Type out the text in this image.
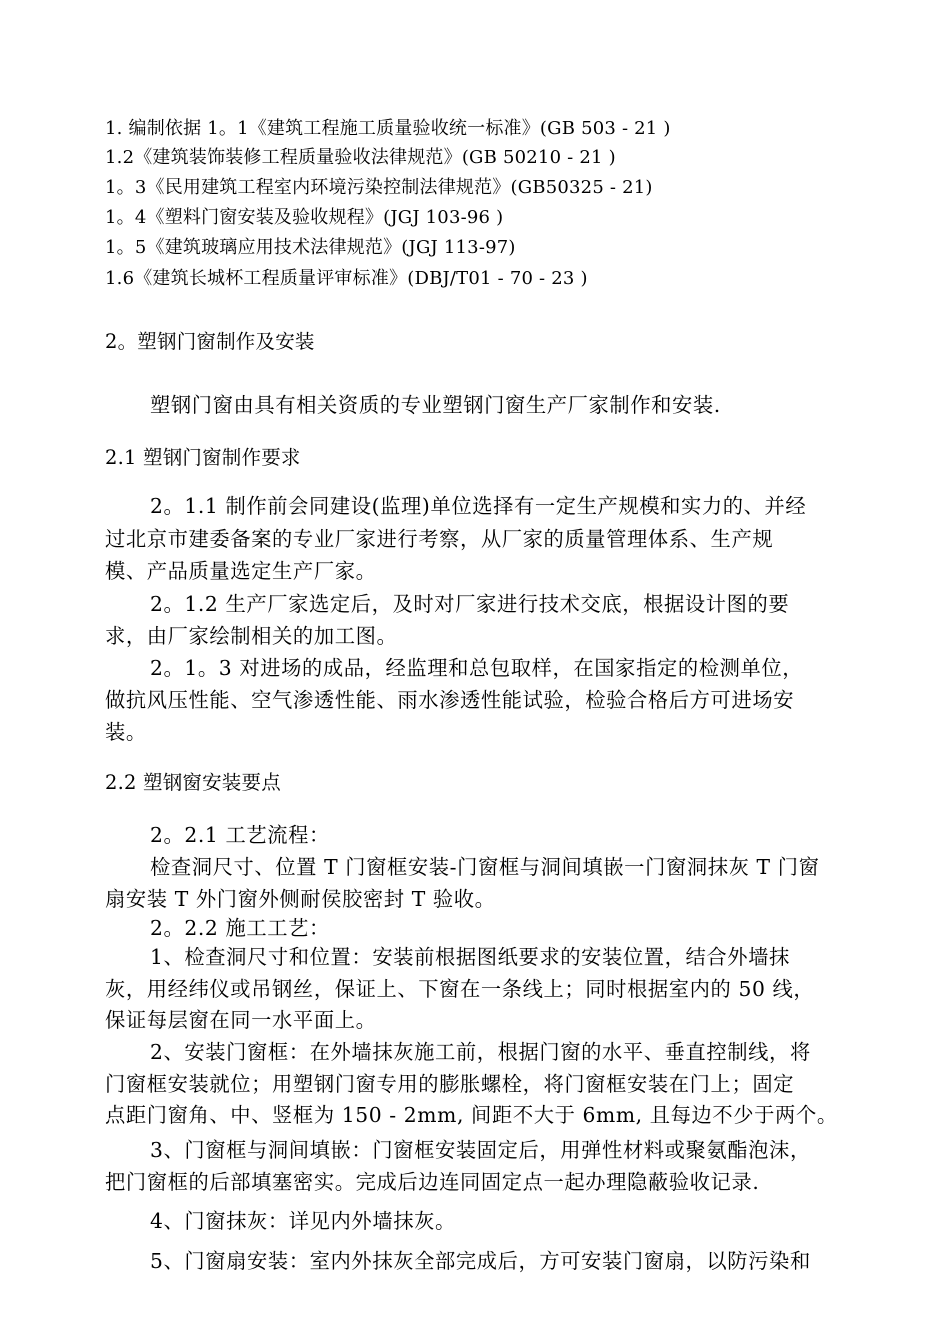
1. 编制依据 1。1《建筑工程施工质量验收统一标准》(GB 503 - 21 )
1.2《建筑装饰装修工程质量验收法律规范》(GB 50210 - 21 )
1。3《民用建筑工程室内环境污染控制法律规范》(GB50325 - 21)
1。4《塑料门窗安装及验收规程》(JGJ 103-96 )
1。5《建筑玻璃应用技术法律规范》(JGJ 113-97)
1.6《建筑长城杯工程质量评审标准》(DBJ/T01 - 70 - 23 )
2。塑钢门窗制作及安装
塑钢门窗由具有相关资质的专业塑钢门窗生产厂家制作和安装.
2.1 塑钢门窗制作要求
2。1.1 制作前会同建设(监理)单位选择有一定生产规模和实力的、并经
过北京市建委备案的专业厂家进行考察，从厂家的质量管理体系、生产规
模、产品质量选定生产厂家。
2。1.2 生产厂家选定后，及时对厂家进行技术交底，根据设计图的要
求，由厂家绘制相关的加工图。
2。1。3 对进场的成品，经监理和总包取样，在国家指定的检测单位，
做抗风压性能、空气渗透性能、雨水渗透性能试验，检验合格后方可进场安
装。
2.2 塑钢窗安装要点
2。2.1 工艺流程：
检查洞尺寸、位置 T 门窗框安装-门窗框与洞间填嵌一门窗洞抹灰 T 门窗
扇安装 T 外门窗外侧耐侯胶密封 T 验收。
2。2.2 施工工艺：
1、检查洞尺寸和位置：安装前根据图纸要求的安装位置，结合外墙抹
灰，用经纬仪或吊钢丝，保证上、下窗在一条线上；同时根据室内的 50 线，
保证每层窗在同一水平面上。
2、安装门窗框：在外墙抹灰施工前，根据门窗的水平、垂直控制线，将
门窗框安装就位；用塑钢门窗专用的膨胀螺栓，将门窗框安装在门上；固定
点距门窗角、中、竖框为 150 - 2mm, 间距不大于 6mm, 且每边不少于两个。
3、门窗框与洞间填嵌：门窗框安装固定后，用弹性材料或聚氨酯泡沫，
把门窗框的后部填塞密实。完成后边连同固定点一起办理隐蔽验收记录.
4、门窗抹灰：详见内外墙抹灰。
5、门窗扇安装：室内外抹灰全部完成后，方可安装门窗扇，以防污染和
